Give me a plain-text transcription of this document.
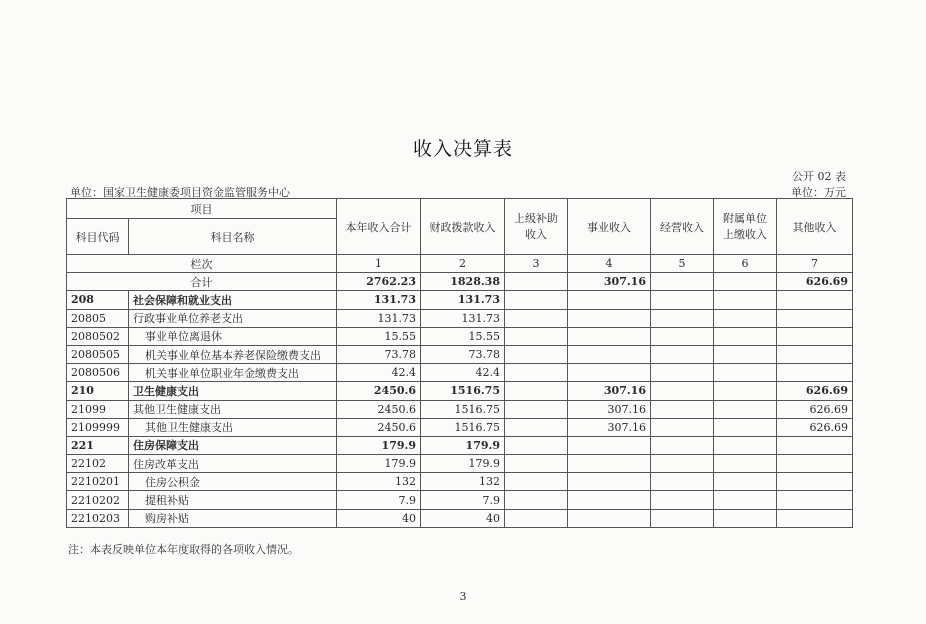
收入决算表
公开 02 表
单位：国家卫生健康委项目资金监管服务中心	单位：万元
项目		本年收入合计	财政拨款收入	上级补助收入	事业收入	经营收入	附属单位上缴收入	其他收入
科目代码	科目名称							
栏次		1	2	3	4	5	6	7
合计		2762.23	1828.38		307.16			626.69
208	社会保障和就业支出	131.73	131.73					
20805	行政事业单位养老支出	131.73	131.73					
2080502	事业单位离退休	15.55	15.55					
2080505	机关事业单位基本养老保险缴费支出	73.78	73.78					
2080506	机关事业单位职业年金缴费支出	42.4	42.4					
210	卫生健康支出	2450.6	1516.75		307.16			626.69
21099	其他卫生健康支出	2450.6	1516.75		307.16			626.69
2109999	其他卫生健康支出	2450.6	1516.75		307.16			626.69
221	住房保障支出	179.9	179.9					
22102	住房改革支出	179.9	179.9					
2210201	住房公积金	132	132					
2210202	提租补贴	7.9	7.9					
2210203	购房补贴	40	40					
注：本表反映单位本年度取得的各项收入情况。
3
